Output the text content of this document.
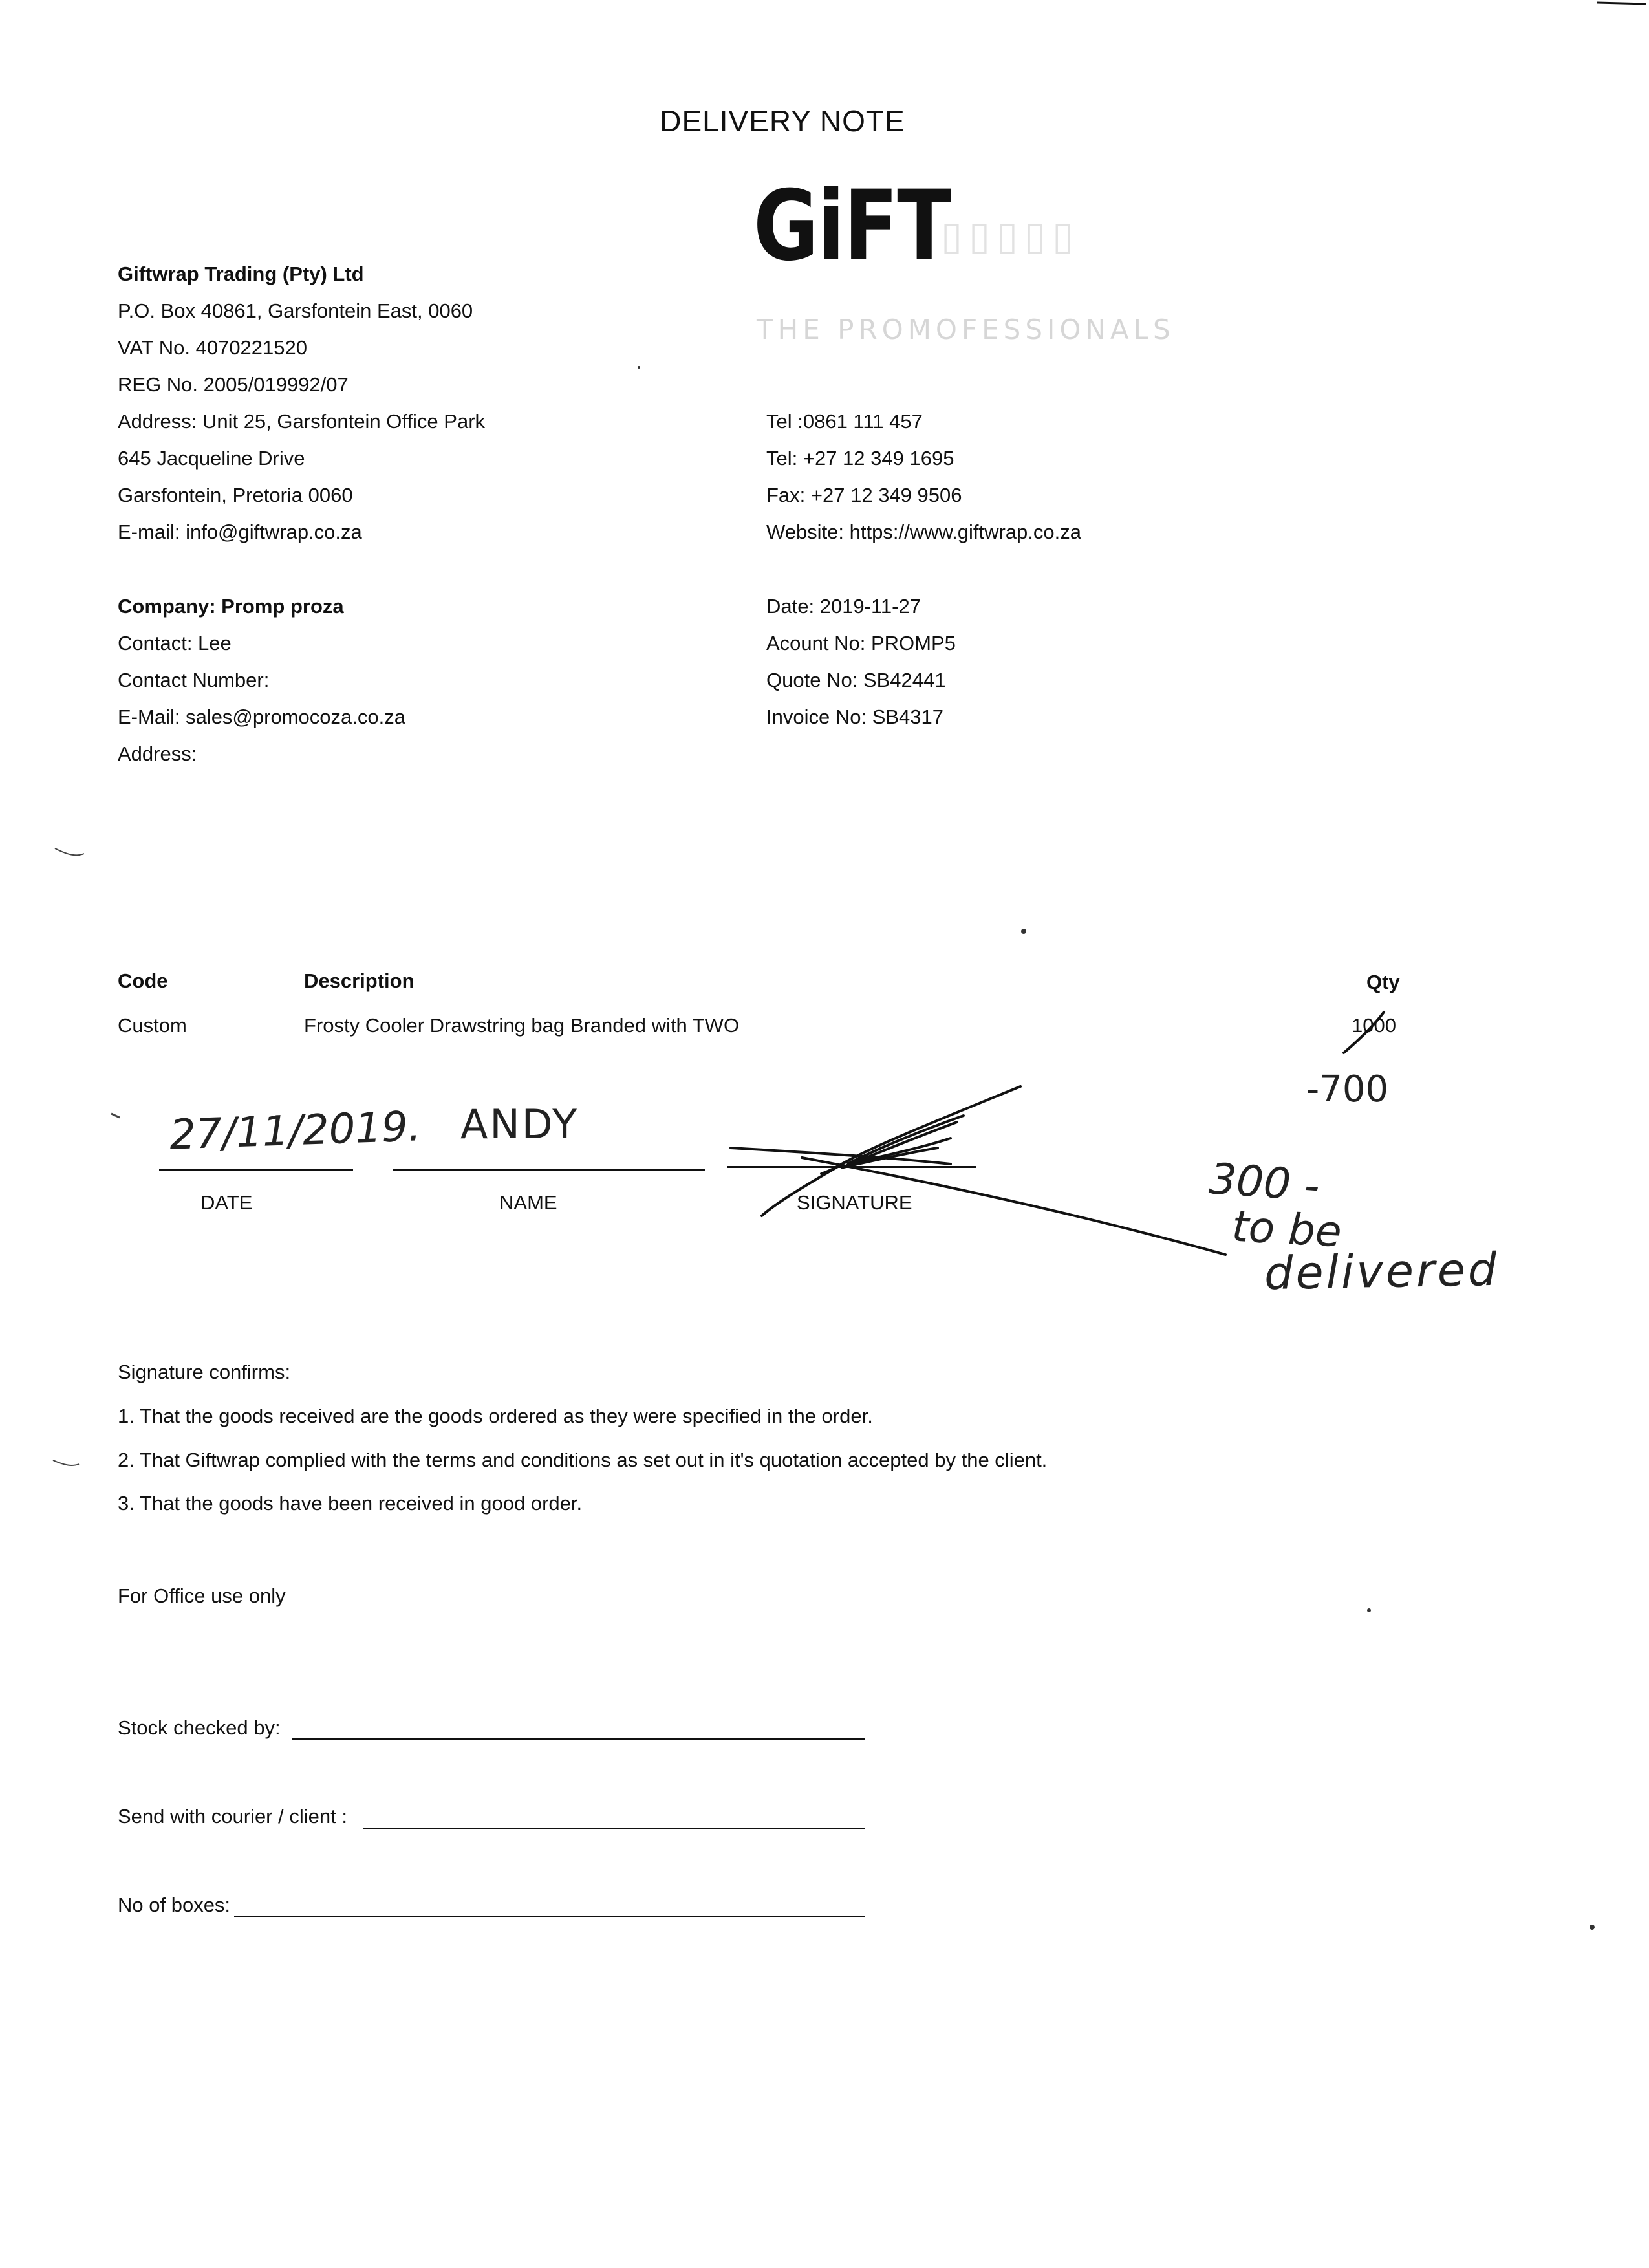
DELIVERY NOTE
GiFT
▯▯▯▯▯
THE PROMOFESSIONALS
Giftwrap Trading (Pty) Ltd
P.O. Box 40861, Garsfontein East, 0060
VAT No. 4070221520
REG No. 2005/019992/07
Address: Unit 25, Garsfontein Office Park
645 Jacqueline Drive
Garsfontein, Pretoria 0060
E-mail: info@giftwrap.co.za
Tel :0861 111 457
Tel: +27 12 349 1695
Fax: +27 12 349 9506
Website: https://www.giftwrap.co.za
Company: Promp proza
Contact: Lee
Contact Number:
E-Mail: sales@promocoza.co.za
Address:
Date: 2019-11-27
Acount No: PROMP5
Quote No: SB42441
Invoice No: SB4317
Code	Description	Qty
Custom	Frosty Cooler Drawstring bag Branded with TWO	1000
27/11/2019. ANDY
DATE	NAME	SIGNATURE
-700
300 -
to be
delivered
Signature confirms:
1. That the goods received are the goods ordered as they were specified in the order.
2. That Giftwrap complied with the terms and conditions as set out in it's quotation accepted by the client.
3. That the goods have been received in good order.
For Office use only
Stock checked by:
Send with courier / client :
No of boxes:
